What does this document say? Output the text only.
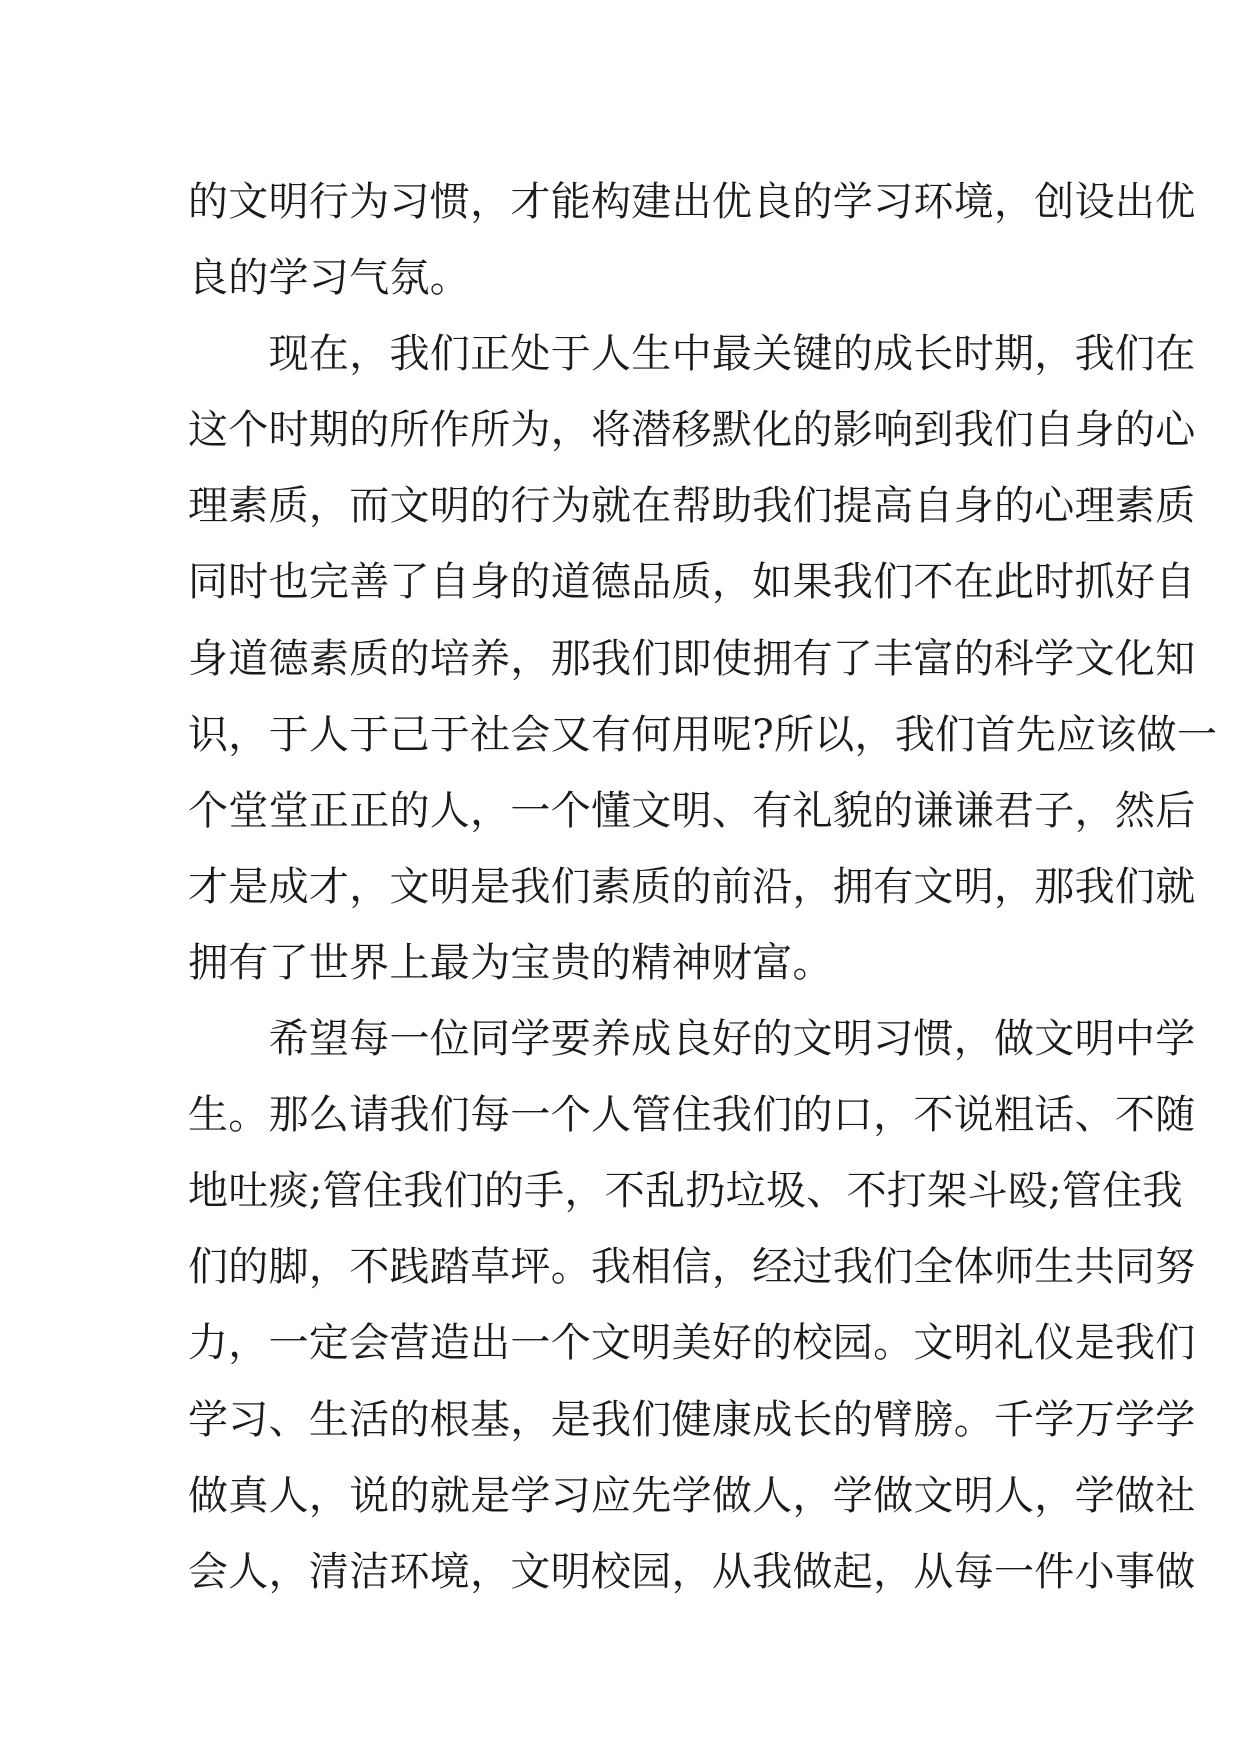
的文明行为习惯，才能构建出优良的学习环境，创设出优
良的学习气氛。
　　现在，我们正处于人生中最关键的成长时期，我们在
这个时期的所作所为，将潜移默化的影响到我们自身的心
理素质，而文明的行为就在帮助我们提高自身的心理素质
同时也完善了自身的道德品质，如果我们不在此时抓好自
身道德素质的培养，那我们即使拥有了丰富的科学文化知
识，于人于己于社会又有何用呢?所以，我们首先应该做一
个堂堂正正的人，一个懂文明、有礼貌的谦谦君子，然后
才是成才，文明是我们素质的前沿，拥有文明，那我们就
拥有了世界上最为宝贵的精神财富。
　　希望每一位同学要养成良好的文明习惯，做文明中学
生。那么请我们每一个人管住我们的口，不说粗话、不随
地吐痰;管住我们的手，不乱扔垃圾、不打架斗殴;管住我
们的脚，不践踏草坪。我相信，经过我们全体师生共同努
力，一定会营造出一个文明美好的校园。文明礼仪是我们
学习、生活的根基，是我们健康成长的臂膀。千学万学学
做真人，说的就是学习应先学做人，学做文明人，学做社
会人，清洁环境，文明校园，从我做起，从每一件小事做
